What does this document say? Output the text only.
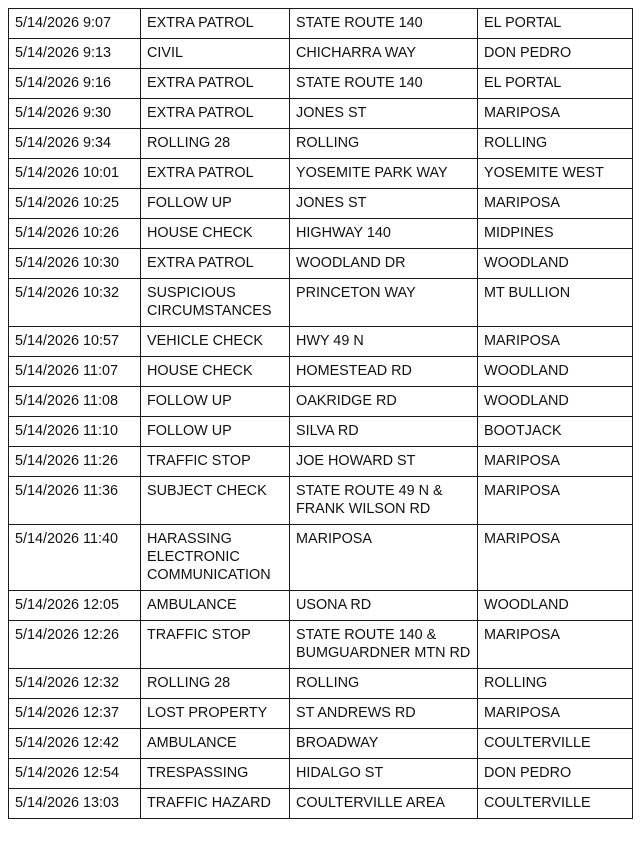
5/14/2026 9:07	EXTRA PATROL	STATE ROUTE 140	EL PORTAL
5/14/2026 9:13	CIVIL	CHICHARRA WAY	DON PEDRO
5/14/2026 9:16	EXTRA PATROL	STATE ROUTE 140	EL PORTAL
5/14/2026 9:30	EXTRA PATROL	JONES ST	MARIPOSA
5/14/2026 9:34	ROLLING 28	ROLLING	ROLLING
5/14/2026 10:01	EXTRA PATROL	YOSEMITE PARK WAY	YOSEMITE WEST
5/14/2026 10:25	FOLLOW UP	JONES ST	MARIPOSA
5/14/2026 10:26	HOUSE CHECK	HIGHWAY 140	MIDPINES
5/14/2026 10:30	EXTRA PATROL	WOODLAND DR	WOODLAND
5/14/2026 10:32	SUSPICIOUS CIRCUMSTANCES	PRINCETON WAY	MT BULLION
5/14/2026 10:57	VEHICLE CHECK	HWY 49 N	MARIPOSA
5/14/2026 11:07	HOUSE CHECK	HOMESTEAD RD	WOODLAND
5/14/2026 11:08	FOLLOW UP	OAKRIDGE RD	WOODLAND
5/14/2026 11:10	FOLLOW UP	SILVA RD	BOOTJACK
5/14/2026 11:26	TRAFFIC STOP	JOE HOWARD ST	MARIPOSA
5/14/2026 11:36	SUBJECT CHECK	STATE ROUTE 49 N & FRANK WILSON RD	MARIPOSA
5/14/2026 11:40	HARASSING ELECTRONIC COMMUNICATION	MARIPOSA	MARIPOSA
5/14/2026 12:05	AMBULANCE	USONA RD	WOODLAND
5/14/2026 12:26	TRAFFIC STOP	STATE ROUTE 140 & BUMGUARDNER MTN RD	MARIPOSA
5/14/2026 12:32	ROLLING 28	ROLLING	ROLLING
5/14/2026 12:37	LOST PROPERTY	ST ANDREWS RD	MARIPOSA
5/14/2026 12:42	AMBULANCE	BROADWAY	COULTERVILLE
5/14/2026 12:54	TRESPASSING	HIDALGO ST	DON PEDRO
5/14/2026 13:03	TRAFFIC HAZARD	COULTERVILLE AREA	COULTERVILLE
